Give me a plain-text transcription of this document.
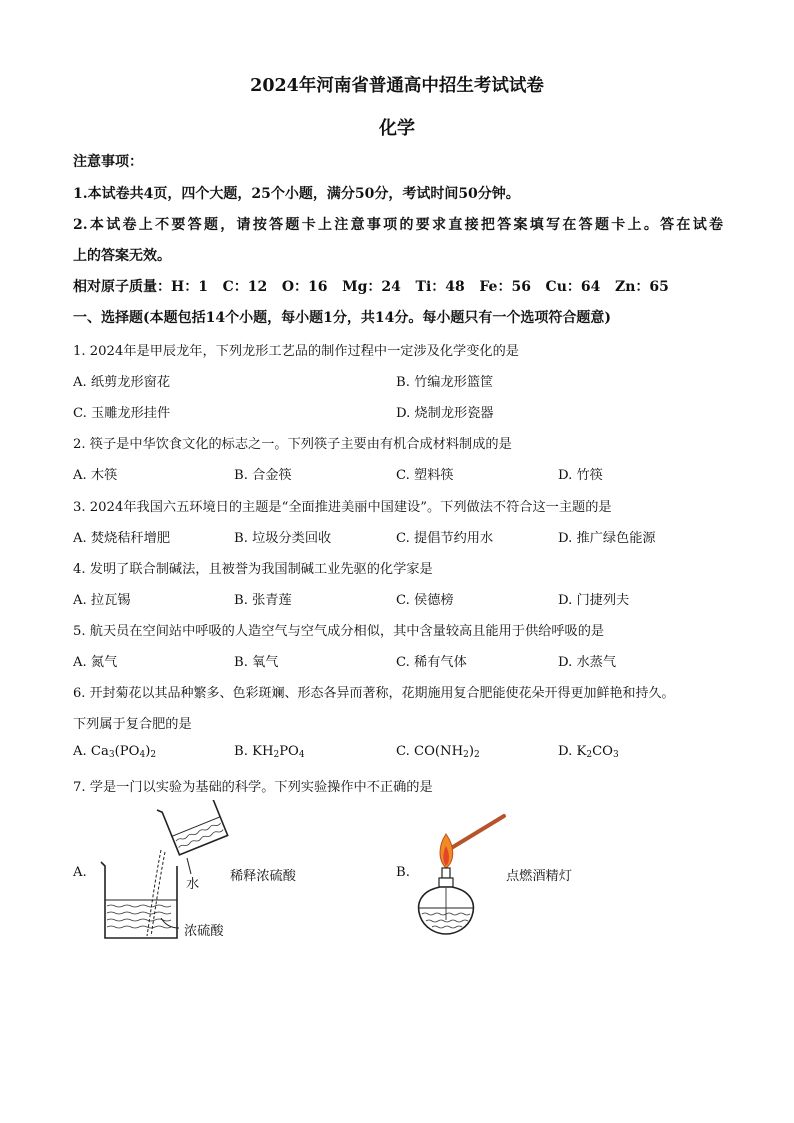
2024年河南省普通高中招生考试试卷
化学
注意事项：
1.本试卷共4页，四个大题，25个小题，满分50分，考试时间50分钟。
2.本试卷上不要答题，请按答题卡上注意事项的要求直接把答案填写在答题卡上。答在试卷
上的答案无效。
相对原子质量：H：1   C：12   O：16   Mg：24   Ti：48   Fe：56   Cu：64   Zn：65
一、选择题(本题包括14个小题，每小题1分，共14分。每小题只有一个选项符合题意)
1. 2024年是甲辰龙年，下列龙形工艺品的制作过程中一定涉及化学变化的是
A. 纸剪龙形窗花	B. 竹编龙形篮筐
C. 玉雕龙形挂件	D. 烧制龙形瓷器
2. 筷子是中华饮食文化的标志之一。下列筷子主要由有机合成材料制成的是
A. 木筷	B. 合金筷	C. 塑料筷	D. 竹筷
3. 2024年我国六五环境日的主题是“全面推进美丽中国建设”。下列做法不符合这一主题的是
A. 焚烧秸秆增肥	B. 垃圾分类回收	C. 提倡节约用水	D. 推广绿色能源
4. 发明了联合制碱法，且被誉为我国制碱工业先驱的化学家是
A. 拉瓦锡	B. 张青莲	C. 侯德榜	D. 门捷列夫
5. 航天员在空间站中呼吸的人造空气与空气成分相似，其中含量较高且能用于供给呼吸的是
A. 氮气	B. 氧气	C. 稀有气体	D. 水蒸气
6. 开封菊花以其品种繁多、色彩斑斓、形态各异而著称，花期施用复合肥能使花朵开得更加鲜艳和持久。
下列属于复合肥的是
A. $Ca_3(PO_4)_2$	B. $KH_2PO_4$	C. $CO(NH_2)_2$	D. $K_2CO_3$
7. 学是一门以实验为基础的科学。下列实验操作中不正确的是
A.
水
浓硫酸
稀释浓硫酸	B.	点燃酒精灯
